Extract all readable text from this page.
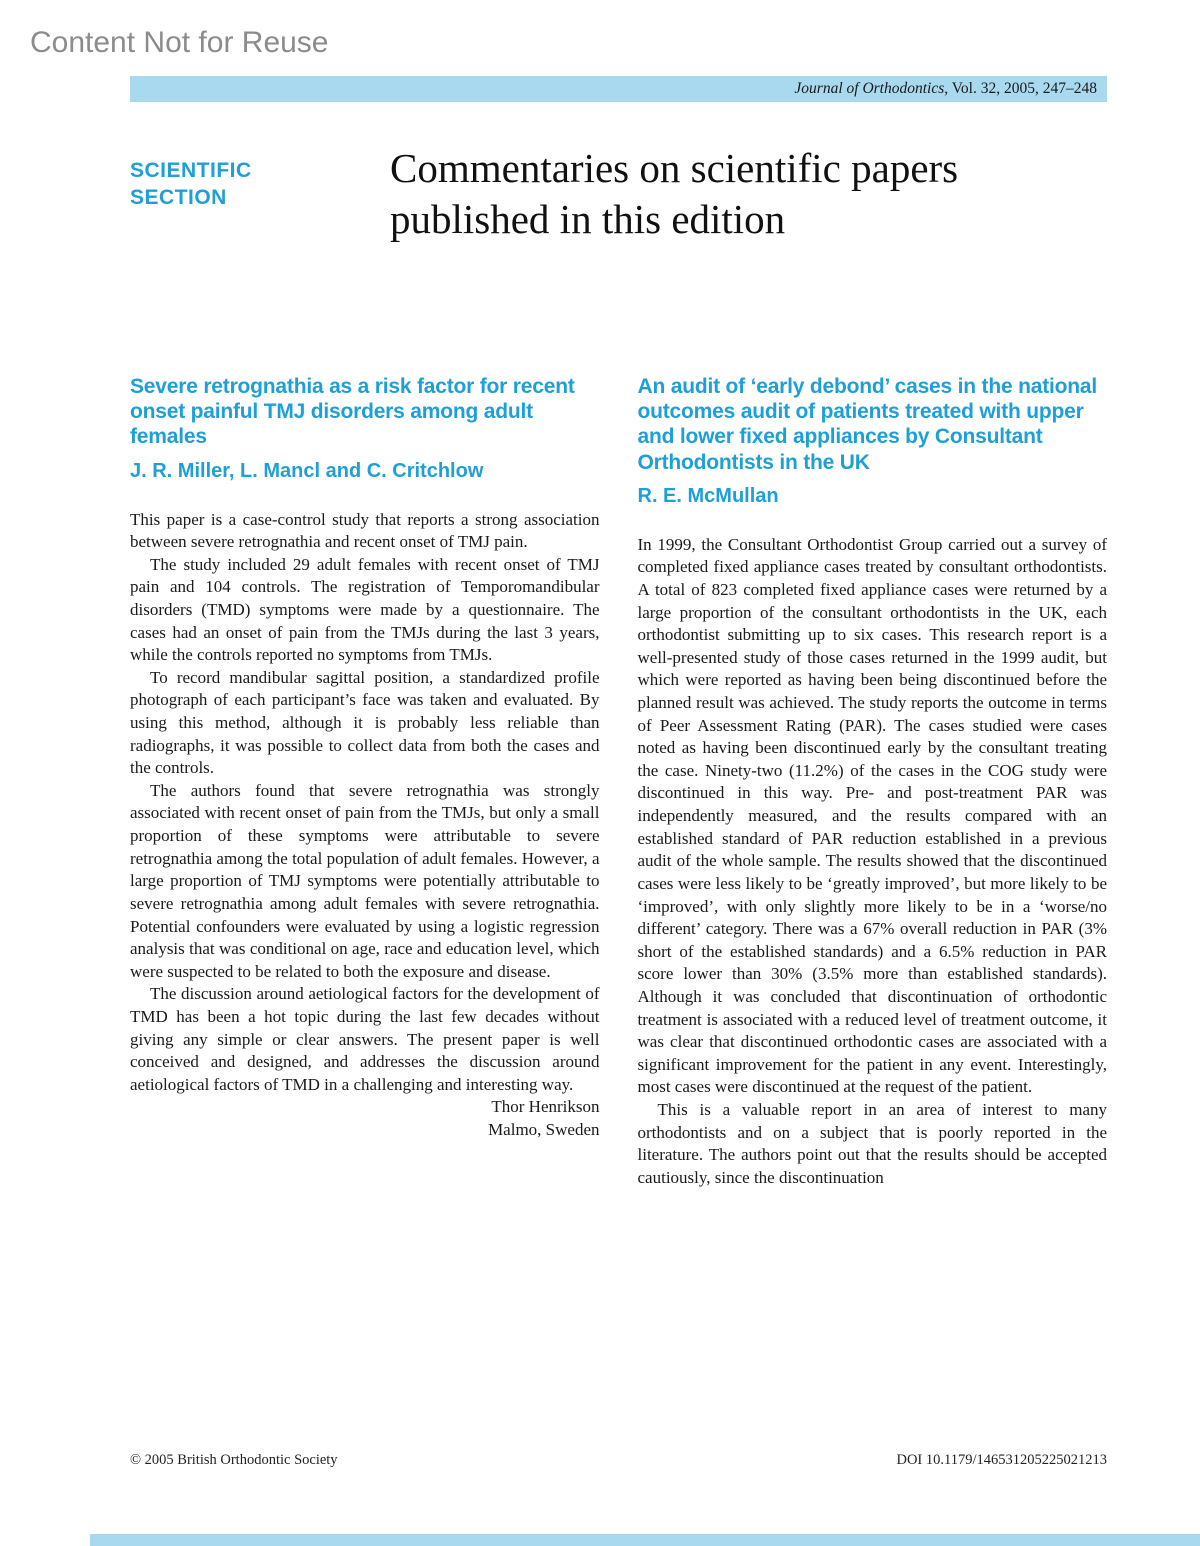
Content Not for Reuse
Journal of Orthodontics, Vol. 32, 2005, 247–248
SCIENTIFIC
SECTION
Commentaries on scientific papers published in this edition
Severe retrognathia as a risk factor for recent onset painful TMJ disorders among adult females
J. R. Miller, L. Mancl and C. Critchlow

This paper is a case-control study that reports a strong association between severe retrognathia and recent onset of TMJ pain.

The study included 29 adult females with recent onset of TMJ pain and 104 controls. The registration of Temporomandibular disorders (TMD) symptoms were made by a questionnaire. The cases had an onset of pain from the TMJs during the last 3 years, while the controls reported no symptoms from TMJs.

To record mandibular sagittal position, a standardized profile photograph of each participant’s face was taken and evaluated. By using this method, although it is probably less reliable than radiographs, it was possible to collect data from both the cases and the controls.

The authors found that severe retrognathia was strongly associated with recent onset of pain from the TMJs, but only a small proportion of these symptoms were attributable to severe retrognathia among the total population of adult females. However, a large proportion of TMJ symptoms were potentially attributable to severe retrognathia among adult females with severe retrognathia. Potential confounders were evaluated by using a logistic regression analysis that was conditional on age, race and education level, which were suspected to be related to both the exposure and disease.

The discussion around aetiological factors for the development of TMD has been a hot topic during the last few decades without giving any simple or clear answers. The present paper is well conceived and designed, and addresses the discussion around aetiological factors of TMD in a challenging and interesting way.

Thor Henrikson
Malmo, Sweden
An audit of ‘early debond’ cases in the national outcomes audit of patients treated with upper and lower fixed appliances by Consultant Orthodontists in the UK
R. E. McMullan

In 1999, the Consultant Orthodontist Group carried out a survey of completed fixed appliance cases treated by consultant orthodontists. A total of 823 completed fixed appliance cases were returned by a large proportion of the consultant orthodontists in the UK, each orthodontist submitting up to six cases. This research report is a well-presented study of those cases returned in the 1999 audit, but which were reported as having been being discontinued before the planned result was achieved. The study reports the outcome in terms of Peer Assessment Rating (PAR). The cases studied were cases noted as having been discontinued early by the consultant treating the case. Ninety-two (11.2%) of the cases in the COG study were discontinued in this way. Pre- and post-treatment PAR was independently measured, and the results compared with an established standard of PAR reduction established in a previous audit of the whole sample. The results showed that the discontinued cases were less likely to be ‘greatly improved’, but more likely to be ‘improved’, with only slightly more likely to be in a ‘worse/no different’ category. There was a 67% overall reduction in PAR (3% short of the established standards) and a 6.5% reduction in PAR score lower than 30% (3.5% more than established standards). Although it was concluded that discontinuation of orthodontic treatment is associated with a reduced level of treatment outcome, it was clear that discontinued orthodontic cases are associated with a significant improvement for the patient in any event. Interestingly, most cases were discontinued at the request of the patient.

This is a valuable report in an area of interest to many orthodontists and on a subject that is poorly reported in the literature. The authors point out that the results should be accepted cautiously, since the discontinuation

© 2005 British Orthodontic Society	DOI 10.1179/146531205225021213
